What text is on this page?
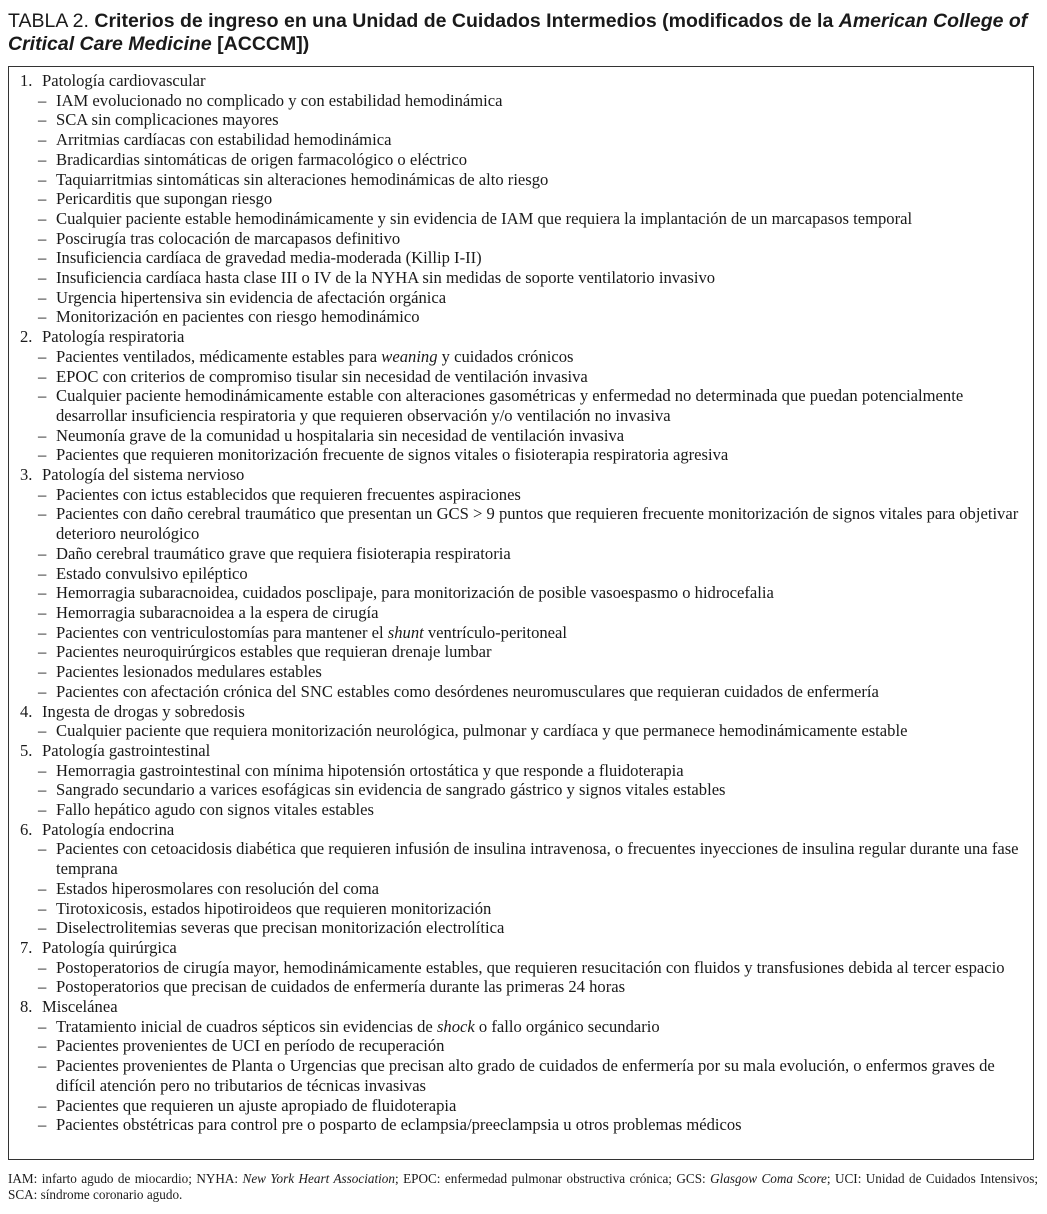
TABLA 2. Criterios de ingreso en una Unidad de Cuidados Intermedios (modificados de la American College of Critical Care Medicine [ACCCM])
1. Patología cardiovascular
– IAM evolucionado no complicado y con estabilidad hemodinámica
– SCA sin complicaciones mayores
– Arritmias cardíacas con estabilidad hemodinámica
– Bradicardias sintomáticas de origen farmacológico o eléctrico
– Taquiarritmias sintomáticas sin alteraciones hemodinámicas de alto riesgo
– Pericarditis que supongan riesgo
– Cualquier paciente estable hemodinámicamente y sin evidencia de IAM que requiera la implantación de un marcapasos temporal
– Poscirugía tras colocación de marcapasos definitivo
– Insuficiencia cardíaca de gravedad media-moderada (Killip I-II)
– Insuficiencia cardíaca hasta clase III o IV de la NYHA sin medidas de soporte ventilatorio invasivo
– Urgencia hipertensiva sin evidencia de afectación orgánica
– Monitorización en pacientes con riesgo hemodinámico
2. Patología respiratoria
– Pacientes ventilados, médicamente estables para weaning y cuidados crónicos
– EPOC con criterios de compromiso tisular sin necesidad de ventilación invasiva
– Cualquier paciente hemodinámicamente estable con alteraciones gasométricas y enfermedad no determinada que puedan potencialmente desarrollar insuficiencia respiratoria y que requieren observación y/o ventilación no invasiva
– Neumonía grave de la comunidad u hospitalaria sin necesidad de ventilación invasiva
– Pacientes que requieren monitorización frecuente de signos vitales o fisioterapia respiratoria agresiva
3. Patología del sistema nervioso
– Pacientes con ictus establecidos que requieren frecuentes aspiraciones
– Pacientes con daño cerebral traumático que presentan un GCS > 9 puntos que requieren frecuente monitorización de signos vitales para objetivar deterioro neurológico
– Daño cerebral traumático grave que requiera fisioterapia respiratoria
– Estado convulsivo epiléptico
– Hemorragia subaracnoidea, cuidados posclipaje, para monitorización de posible vasoespasmo o hidrocefalia
– Hemorragia subaracnoidea a la espera de cirugía
– Pacientes con ventriculostomías para mantener el shunt ventrículo-peritoneal
– Pacientes neuroquirúrgicos estables que requieran drenaje lumbar
– Pacientes lesionados medulares estables
– Pacientes con afectación crónica del SNC estables como desórdenes neuromusculares que requieran cuidados de enfermería
4. Ingesta de drogas y sobredosis
– Cualquier paciente que requiera monitorización neurológica, pulmonar y cardíaca y que permanece hemodinámicamente estable
5. Patología gastrointestinal
– Hemorragia gastrointestinal con mínima hipotensión ortostática y que responde a fluidoterapia
– Sangrado secundario a varices esofágicas sin evidencia de sangrado gástrico y signos vitales estables
– Fallo hepático agudo con signos vitales estables
6. Patología endocrina
– Pacientes con cetoacidosis diabética que requieren infusión de insulina intravenosa, o frecuentes inyecciones de insulina regular durante una fase temprana
– Estados hiperosmolares con resolución del coma
– Tirotoxicosis, estados hipotiroideos que requieren monitorización
– Diselectrolitemias severas que precisan monitorización electrolítica
7. Patología quirúrgica
– Postoperatorios de cirugía mayor, hemodinámicamente estables, que requieren resucitación con fluidos y transfusiones debida al tercer espacio
– Postoperatorios que precisan de cuidados de enfermería durante las primeras 24 horas
8. Miscelánea
– Tratamiento inicial de cuadros sépticos sin evidencias de shock o fallo orgánico secundario
– Pacientes provenientes de UCI en período de recuperación
– Pacientes provenientes de Planta o Urgencias que precisan alto grado de cuidados de enfermería por su mala evolución, o enfermos graves de difícil atención pero no tributarios de técnicas invasivas
– Pacientes que requieren un ajuste apropiado de fluidoterapia
– Pacientes obstétricas para control pre o posparto de eclampsia/preeclampsia u otros problemas médicos
IAM: infarto agudo de miocardio; NYHA: New York Heart Association; EPOC: enfermedad pulmonar obstructiva crónica; GCS: Glasgow Coma Score; UCI: Unidad de Cuidados Intensivos; SCA: síndrome coronario agudo.
